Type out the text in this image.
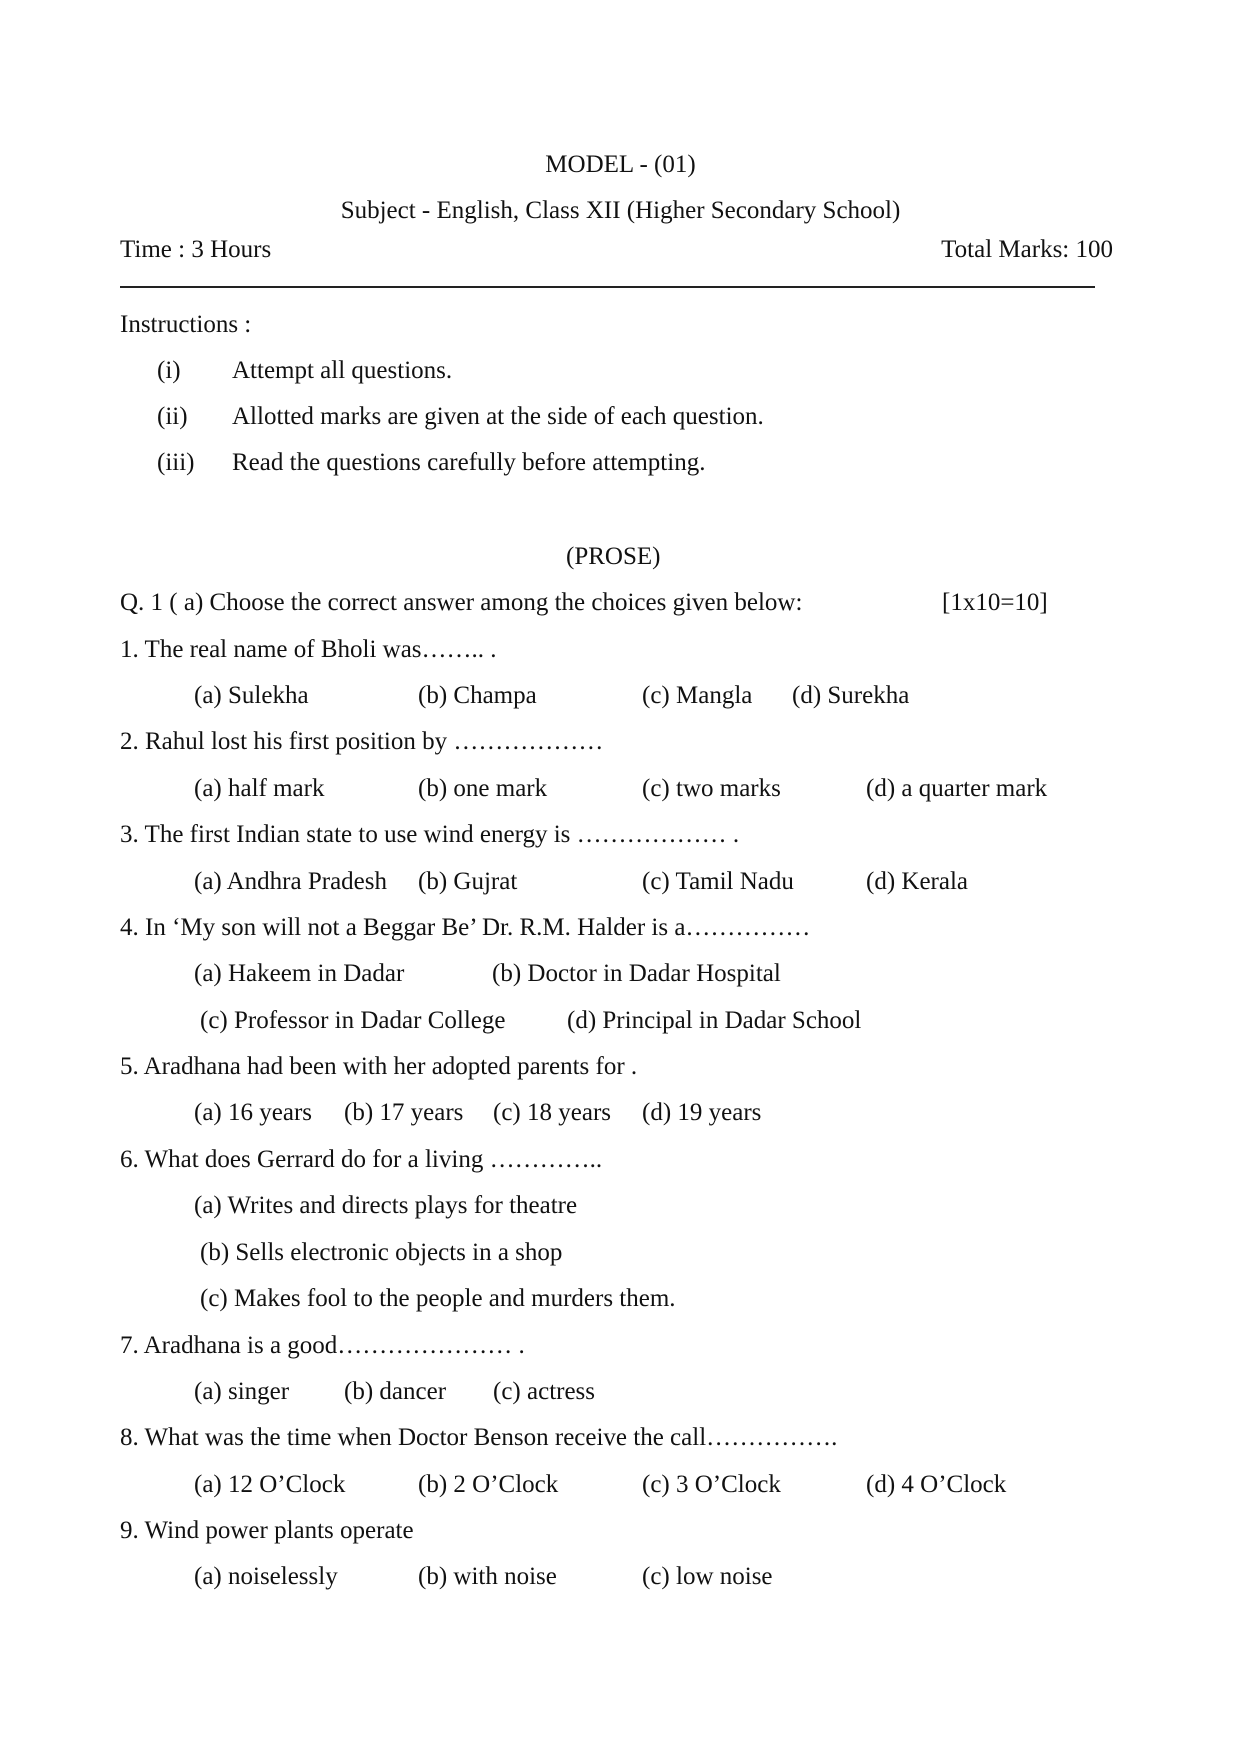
MODEL - (01)
Subject - English, Class XII (Higher Secondary School)
Time : 3 Hours	Total Marks: 100
Instructions :
(i) Attempt all questions.
(ii) Allotted marks are given at the side of each question.
(iii) Read the questions carefully before attempting.
(PROSE)
Q. 1 ( a) Choose the correct answer among the choices given below:	[1x10=10]
1. The real name of Bholi was…….. .
(a) Sulekha	(b) Champa	(c) Mangla (d) Surekha
2. Rahul lost his first position by ………………
(a) half mark	(b) one mark	(c) two marks	(d) a quarter mark
3. The first Indian state to use wind energy is ……………… .
(a) Andhra Pradesh (b) Gujrat	(c) Tamil Nadu	(d) Kerala
4. In ‘My son will not a Beggar Be’ Dr. R.M. Halder is a……………
(a) Hakeem in Dadar	(b) Doctor in Dadar Hospital
(c) Professor in Dadar College (d) Principal in Dadar School
5. Aradhana had been with her adopted parents for .
(a) 16 years (b) 17 years (c) 18 years (d) 19 years
6. What does Gerrard do for a living …………..
(a) Writes and directs plays for theatre
(b) Sells electronic objects in a shop
(c) Makes fool to the people and murders them.
7. Aradhana is a good………………… .
(a) singer (b) dancer (c) actress
8. What was the time when Doctor Benson receive the call…………….
(a) 12 O’Clock	(b) 2 O’Clock	(c) 3 O’Clock	(d) 4 O’Clock
9. Wind power plants operate
(a) noiselessly	(b) with noise	(c) low noise
